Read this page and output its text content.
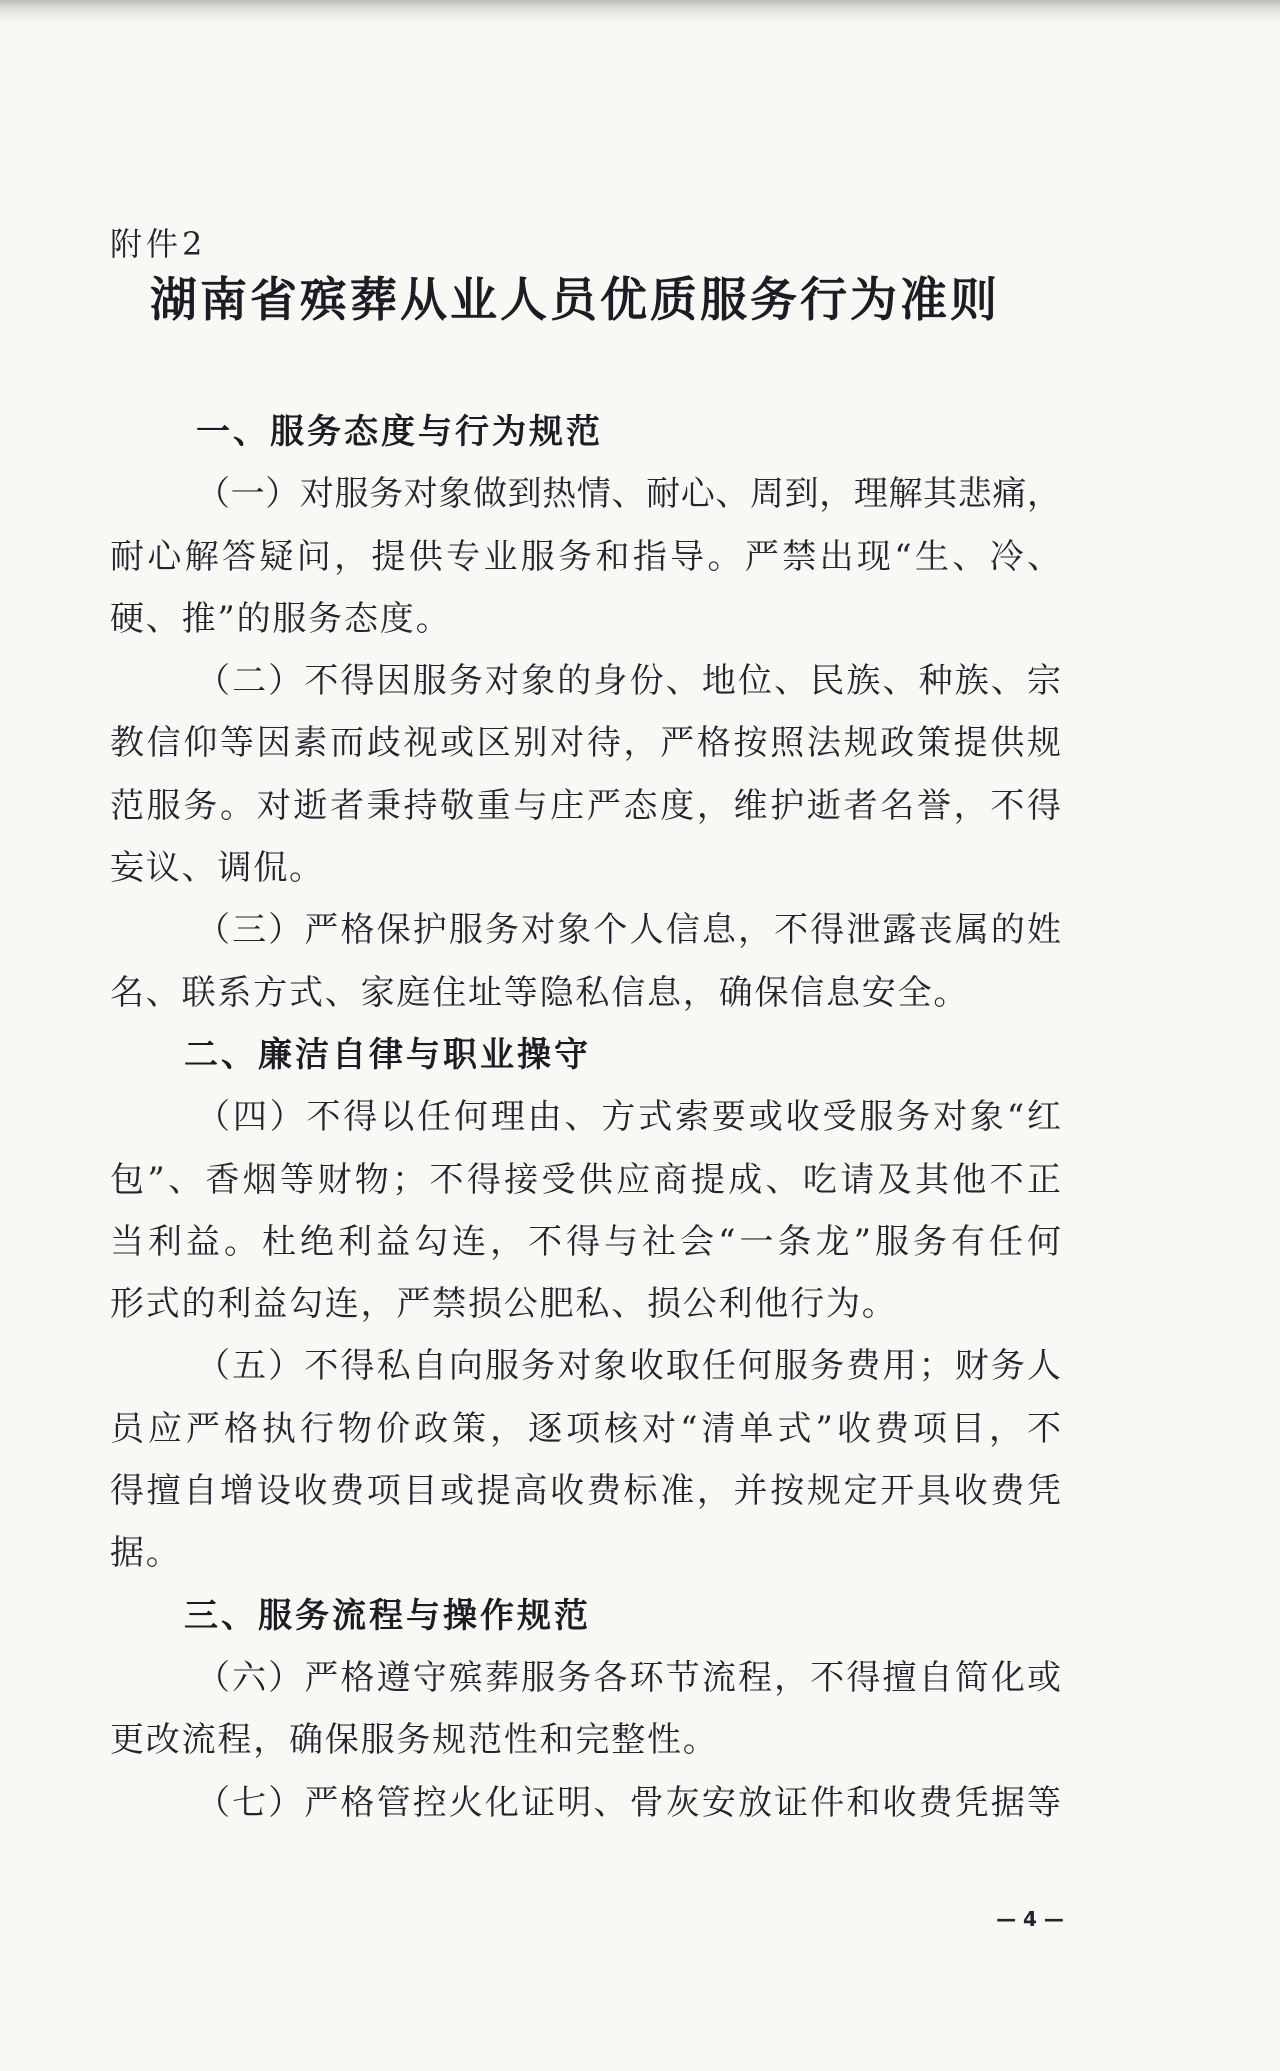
附件2
湖南省殡葬从业人员优质服务行为准则
一、服务态度与行为规范
（一）对服务对象做到热情、耐心、周到，理解其悲痛，
耐心解答疑问，提供专业服务和指导。严禁出现“生、冷、
硬、推”的服务态度。
（二）不得因服务对象的身份、地位、民族、种族、宗
教信仰等因素而歧视或区别对待，严格按照法规政策提供规
范服务。对逝者秉持敬重与庄严态度，维护逝者名誉，不得
妄议、调侃。
（三）严格保护服务对象个人信息，不得泄露丧属的姓
名、联系方式、家庭住址等隐私信息，确保信息安全。
二、廉洁自律与职业操守
（四）不得以任何理由、方式索要或收受服务对象“红
包”、香烟等财物；不得接受供应商提成、吃请及其他不正
当利益。杜绝利益勾连，不得与社会“一条龙”服务有任何
形式的利益勾连，严禁损公肥私、损公利他行为。
（五）不得私自向服务对象收取任何服务费用；财务人
员应严格执行物价政策，逐项核对“清单式”收费项目，不
得擅自增设收费项目或提高收费标准，并按规定开具收费凭
据。
三、服务流程与操作规范
（六）严格遵守殡葬服务各环节流程，不得擅自简化或
更改流程，确保服务规范性和完整性。
（七）严格管控火化证明、骨灰安放证件和收费凭据等
— 4 —
